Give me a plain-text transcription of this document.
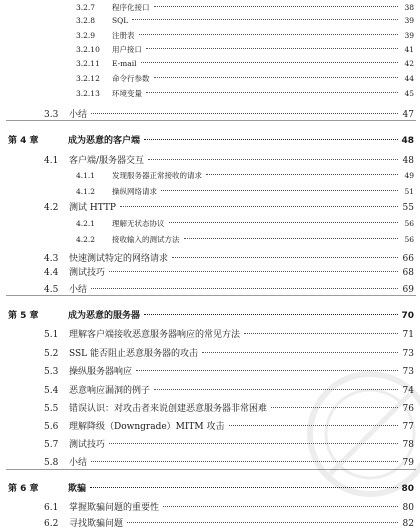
3.2.7	程序化接口	38
3.2.8	SQL	39
3.2.9	注册表	39
3.2.10	用户接口	41
3.2.11	E-mail	42
3.2.12	命令行参数	44
3.2.13	环境变量	45
3.3	小结	47
第 4 章	成为恶意的客户端	48
4.1	客户端/服务器交互	48
4.1.1	发现服务器正常接收的请求	49
4.1.2	操纵网络请求	51
4.2	测试 HTTP	55
4.2.1	理解无状态协议	56
4.2.2	接收输入的测试方法	56
4.3	快速测试特定的网络请求	66
4.4	测试技巧	68
4.5	小结	69
第 5 章	成为恶意的服务器	70
5.1	理解客户端接收恶意服务器响应的常见方法	71
5.2	SSL 能否阻止恶意服务器的攻击	73
5.3	操纵服务器响应	73
5.4	恶意响应漏洞的例子	74
5.5	错误认识：对攻击者来说创建恶意服务器非常困难	76
5.6	理解降级（Downgrade）MITM 攻击	77
5.7	测试技巧	78
5.8	小结	79
第 6 章	欺骗	80
6.1	掌握欺骗问题的重要性	80
6.2	寻找欺骗问题	82
